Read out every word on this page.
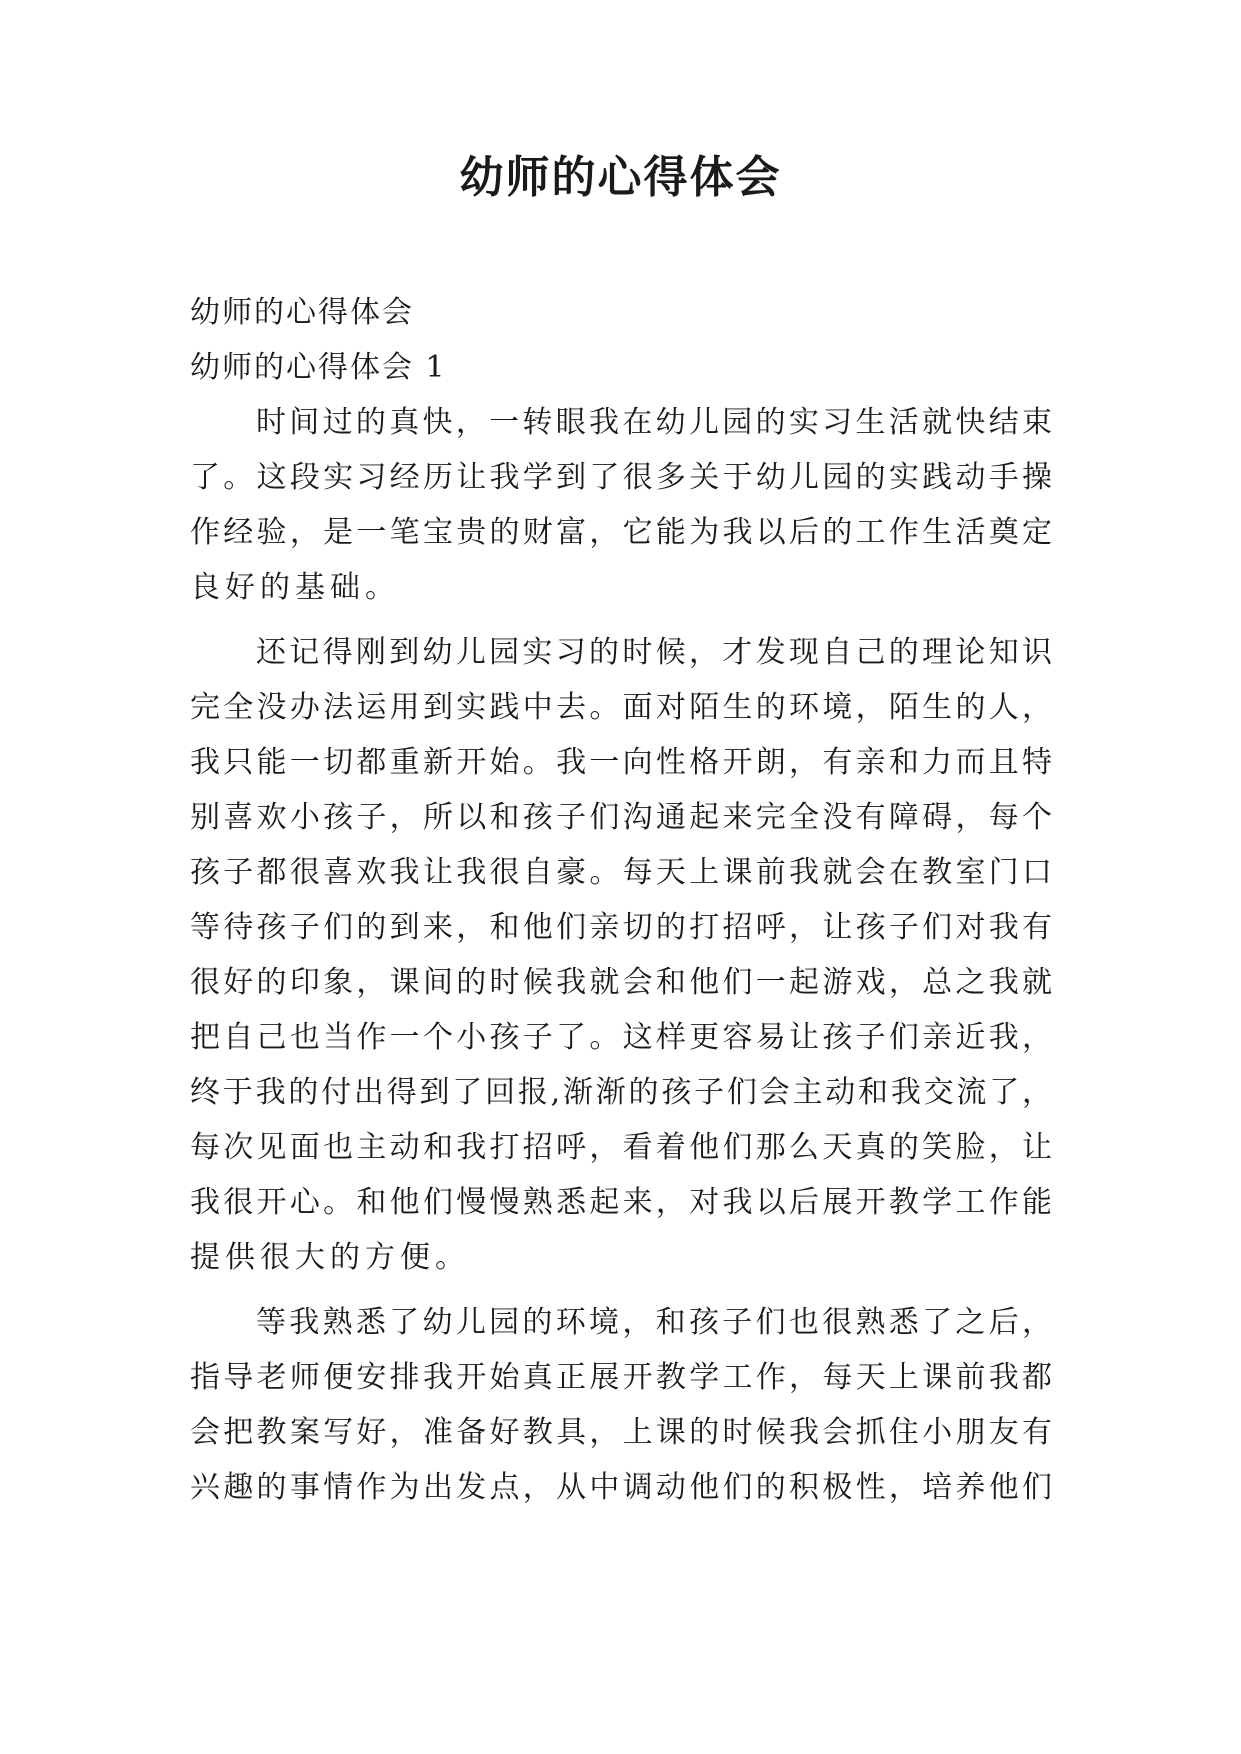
幼师的心得体会

幼师的心得体会

幼师的心得体会 1

时间过的真快，一转眼我在幼儿园的实习生活就快结束
了。这段实习经历让我学到了很多关于幼儿园的实践动手操
作经验，是一笔宝贵的财富，它能为我以后的工作生活奠定
良好的基础。
还记得刚到幼儿园实习的时候，才发现自己的理论知识
完全没办法运用到实践中去。面对陌生的环境，陌生的人，
我只能一切都重新开始。我一向性格开朗，有亲和力而且特
别喜欢小孩子，所以和孩子们沟通起来完全没有障碍，每个
孩子都很喜欢我让我很自豪。每天上课前我就会在教室门口
等待孩子们的到来，和他们亲切的打招呼，让孩子们对我有
很好的印象，课间的时候我就会和他们一起游戏，总之我就
把自己也当作一个小孩子了。这样更容易让孩子们亲近我，
终于我的付出得到了回报,渐渐的孩子们会主动和我交流了，
每次见面也主动和我打招呼，看着他们那么天真的笑脸，让
我很开心。和他们慢慢熟悉起来，对我以后展开教学工作能
提供很大的方便。
等我熟悉了幼儿园的环境，和孩子们也很熟悉了之后，
指导老师便安排我开始真正展开教学工作，每天上课前我都
会把教案写好，准备好教具，上课的时候我会抓住小朋友有
兴趣的事情作为出发点，从中调动他们的积极性，培养他们
